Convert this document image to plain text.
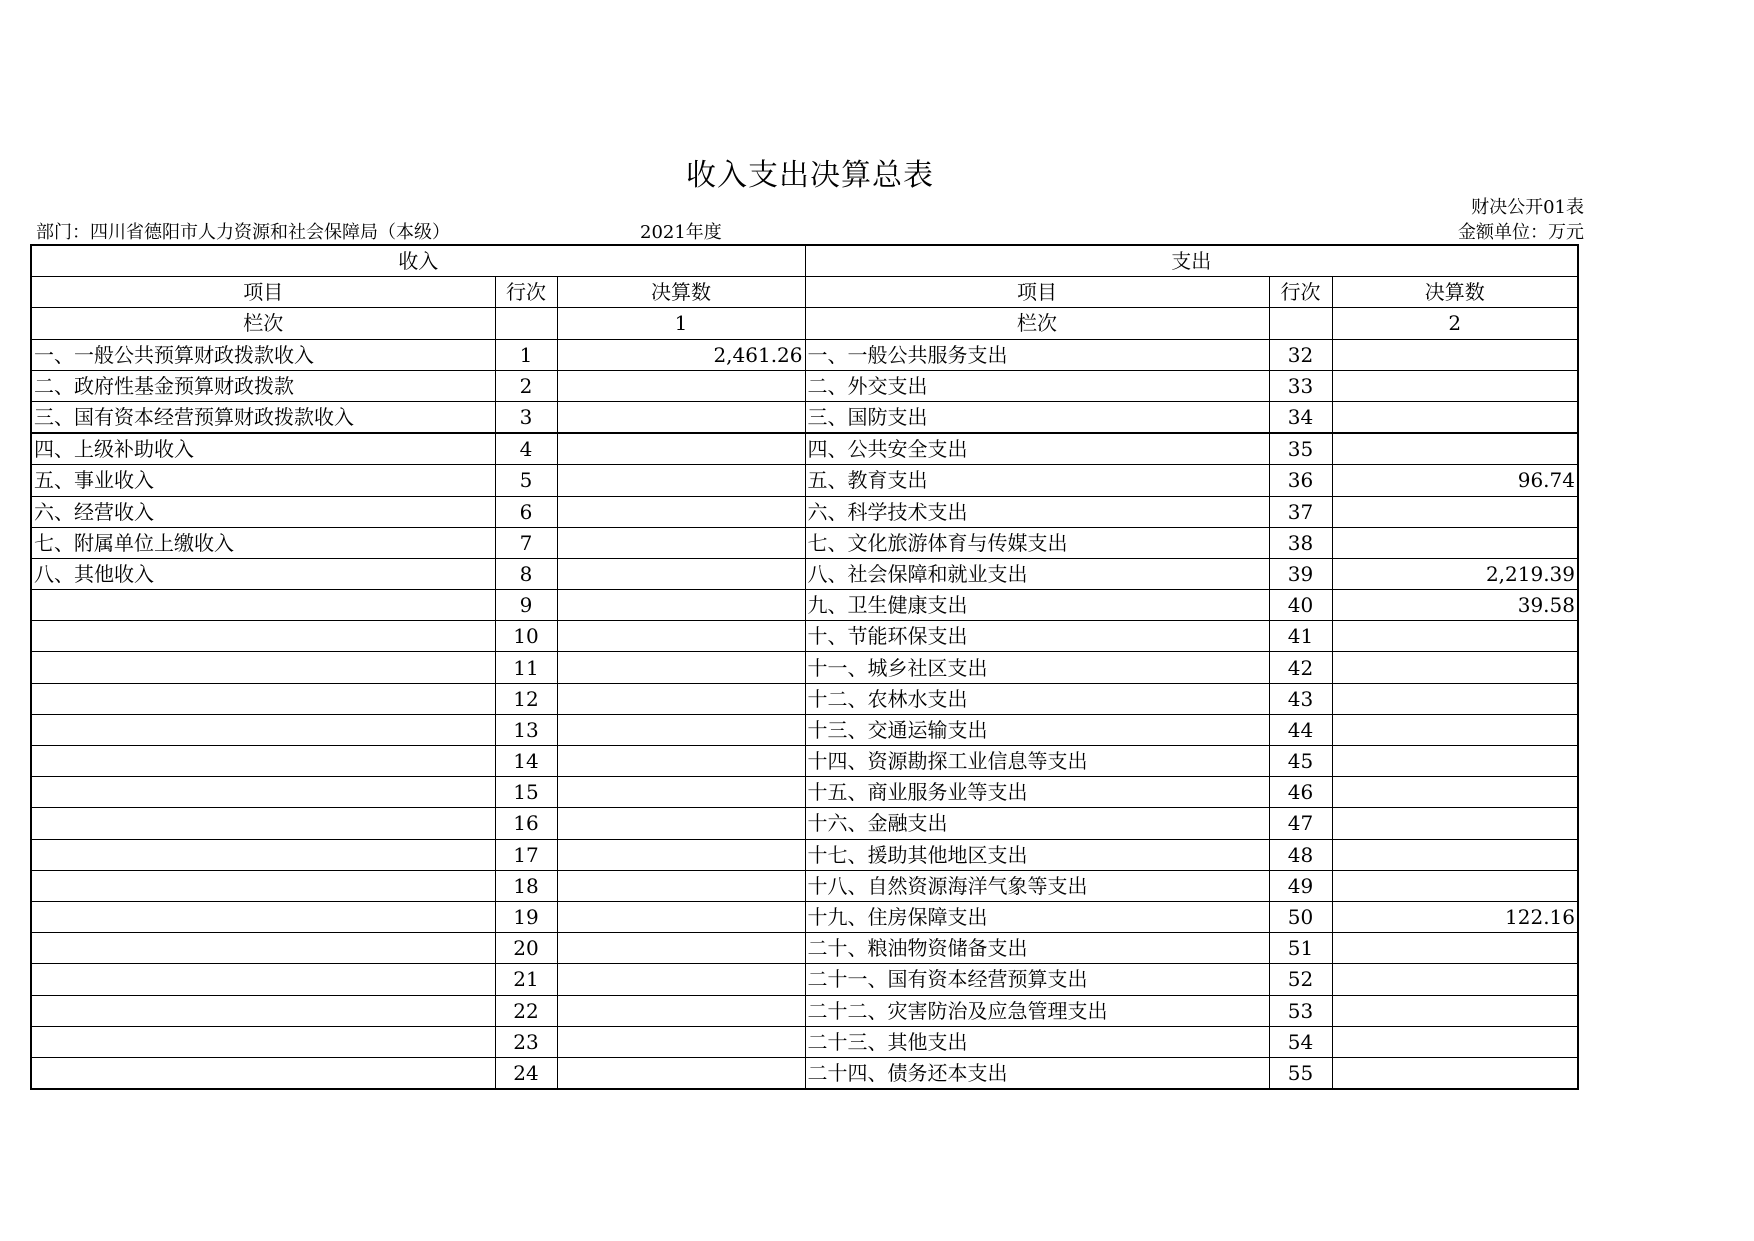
收入支出决算总表
财决公开01表
部门：四川省德阳市人力资源和社会保障局（本级）	2021年度	金额单位：万元
收入			支出		
项目	行次	决算数	项目	行次	决算数
栏次		1	栏次		2
一、一般公共预算财政拨款收入	1	2,461.26	一、一般公共服务支出	32	
二、政府性基金预算财政拨款	2		二、外交支出	33	
三、国有资本经营预算财政拨款收入	3		三、国防支出	34	
四、上级补助收入	4		四、公共安全支出	35	
五、事业收入	5		五、教育支出	36	96.74
六、经营收入	6		六、科学技术支出	37	
七、附属单位上缴收入	7		七、文化旅游体育与传媒支出	38	
八、其他收入	8		八、社会保障和就业支出	39	2,219.39
	9		九、卫生健康支出	40	39.58
	10		十、节能环保支出	41	
	11		十一、城乡社区支出	42	
	12		十二、农林水支出	43	
	13		十三、交通运输支出	44	
	14		十四、资源勘探工业信息等支出	45	
	15		十五、商业服务业等支出	46	
	16		十六、金融支出	47	
	17		十七、援助其他地区支出	48	
	18		十八、自然资源海洋气象等支出	49	
	19		十九、住房保障支出	50	122.16
	20		二十、粮油物资储备支出	51	
	21		二十一、国有资本经营预算支出	52	
	22		二十二、灾害防治及应急管理支出	53	
	23		二十三、其他支出	54	
	24		二十四、债务还本支出	55	
